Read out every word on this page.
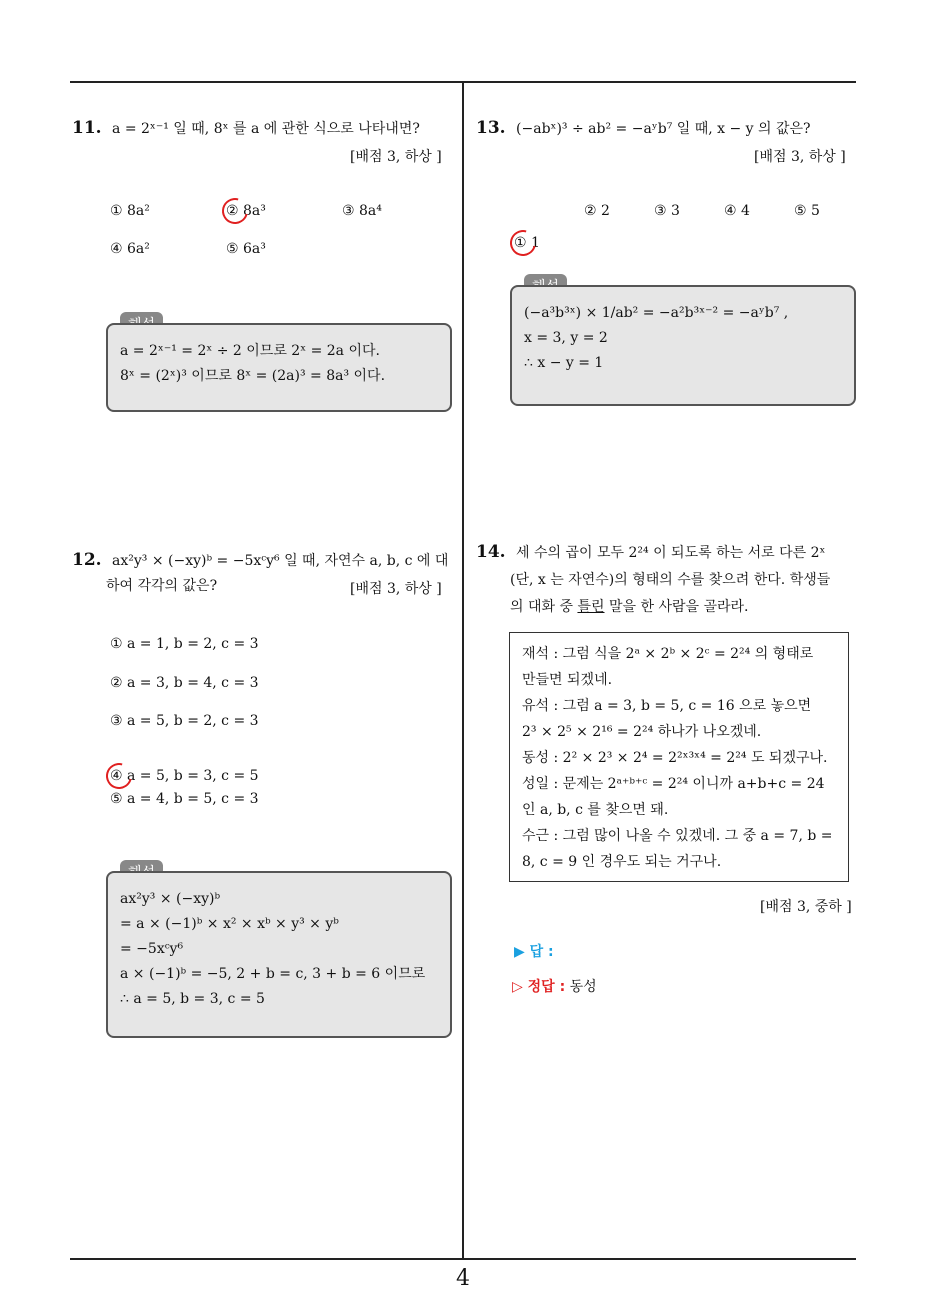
11. a = 2ˣ⁻¹ 일 때, 8ˣ 를 a 에 관한 식으로 나타내면?
[배점 3, 하상 ]
① 8a²	② 8a³	③ 8a⁴
④ 6a²	⑤ 6a³
a = 2ˣ⁻¹ = 2ˣ ÷ 2 이므로 2ˣ = 2a 이다.
8ˣ = (2ˣ)³ 이므로 8ˣ = (2a)³ = 8a³ 이다.
12. ax²y³ × (−xy)ᵇ = −5xᶜy⁶ 일 때, 자연수 a, b, c 에 대
하여 각각의 값은?	[배점 3, 하상 ]
① a = 1, b = 2, c = 3
② a = 3, b = 4, c = 3
③ a = 5, b = 2, c = 3
④ a = 5, b = 3, c = 5
⑤ a = 4, b = 5, c = 3
ax²y³ × (−xy)ᵇ
= a × (−1)ᵇ × x² × xᵇ × y³ × yᵇ
= −5xᶜy⁶
a × (−1)ᵇ = −5, 2 + b = c, 3 + b = 6 이므로
∴ a = 5, b = 3, c = 5
13. (−abˣ)³ ÷ ab² = −aʸb⁷ 일 때, x − y 의 값은?
[배점 3, 하상 ]
① 1
② 2	③ 3	④ 4	⑤ 5
(−a³b³ˣ) × 1/ab² = −a²b³ˣ⁻² = −aʸb⁷ ,
x = 3, y = 2
∴ x − y = 1
14. 세 수의 곱이 모두 2²⁴ 이 되도록 하는 서로 다른 2ˣ
(단, x 는 자연수)의 형태의 수를 찾으려 한다. 학생들
의 대화 중 틀린 말을 한 사람을 골라라.
재석 : 그럼 식을 2ᵃ × 2ᵇ × 2ᶜ = 2²⁴ 의 형태로
만들면 되겠네.
유석 : 그럼 a = 3, b = 5, c = 16 으로 놓으면
2³ × 2⁵ × 2¹⁶ = 2²⁴ 하나가 나오겠네.
동성 : 2² × 2³ × 2⁴ = 2²ˣ³ˣ⁴ = 2²⁴ 도 되겠구나.
성일 : 문제는 2ᵃ⁺ᵇ⁺ᶜ = 2²⁴ 이니까 a+b+c = 24
인 a, b, c 를 찾으면 돼.
수근 : 그럼 많이 나올 수 있겠네. 그 중 a = 7, b =
8, c = 9 인 경우도 되는 거구나.
[배점 3, 중하 ]
▶ 답 :
▷ 정답 : 동성
4
